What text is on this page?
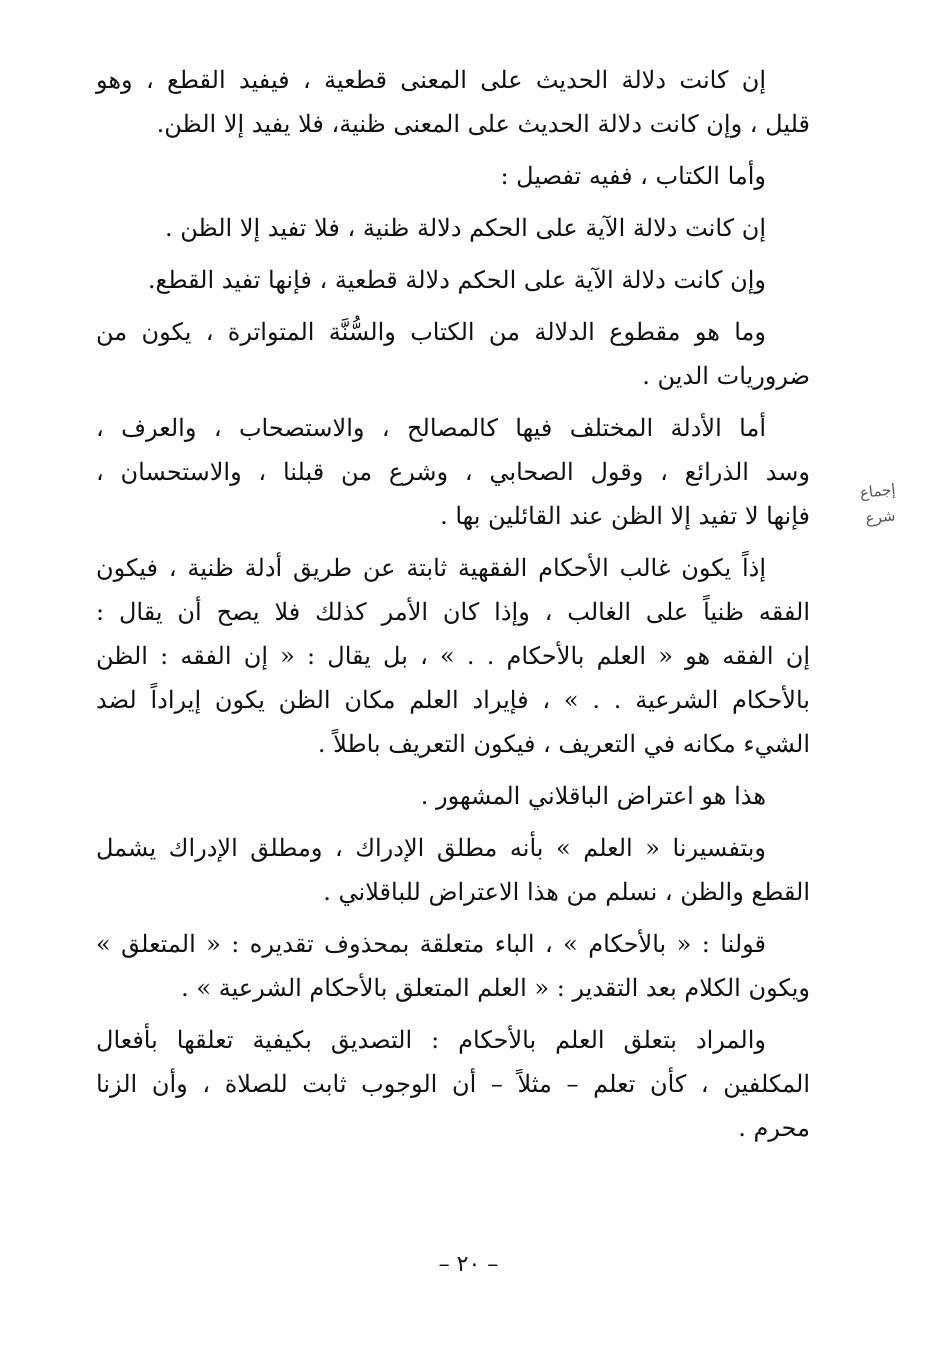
إن كانت دلالة الحديث على المعنى قطعية ، فيفيد القطع ، وهو
قليل ، وإن كانت دلالة الحديث على المعنى ظنية، فلا يفيد إلا الظن.
وأما الكتاب ، ففيه تفصيل :
إن كانت دلالة الآية على الحكم دلالة ظنية ، فلا تفيد إلا الظن .
وإن كانت دلالة الآية على الحكم دلالة قطعية ، فإنها تفيد القطع.
وما هو مقطوع الدلالة من الكتاب والسُّنَّة المتواترة ، يكون من
ضروريات الدين .
أما الأدلة المختلف فيها كالمصالح ، والاستصحاب ، والعرف ،
وسد الذرائع ، وقول الصحابي ، وشرع من قبلنا ، والاستحسان ،
فإنها لا تفيد إلا الظن عند القائلين بها .
إذاً يكون غالب الأحكام الفقهية ثابتة عن طريق أدلة ظنية ، فيكون
الفقه ظنياً على الغالب ، وإذا كان الأمر كذلك فلا يصح أن يقال :
إن الفقه هو « العلم بالأحكام . . » ، بل يقال : « إن الفقه : الظن
بالأحكام الشرعية . . » ، فإيراد العلم مكان الظن يكون إيراداً لضد
الشيء مكانه في التعريف ، فيكون التعريف باطلاً .
هذا هو اعتراض الباقلاني المشهور .
وبتفسيرنا « العلم » بأنه مطلق الإدراك ، ومطلق الإدراك يشمل
القطع والظن ، نسلم من هذا الاعتراض للباقلاني .
قولنا : « بالأحكام » ، الباء متعلقة بمحذوف تقديره : « المتعلق »
ويكون الكلام بعد التقدير : « العلم المتعلق بالأحكام الشرعية » .
والمراد بتعلق العلم بالأحكام : التصديق بكيفية تعلقها بأفعال
المكلفين ، كأن تعلم – مثلاً – أن الوجوب ثابت للصلاة ، وأن الزنا
محرم .
إجماع
شرع
– ٢٠ –
